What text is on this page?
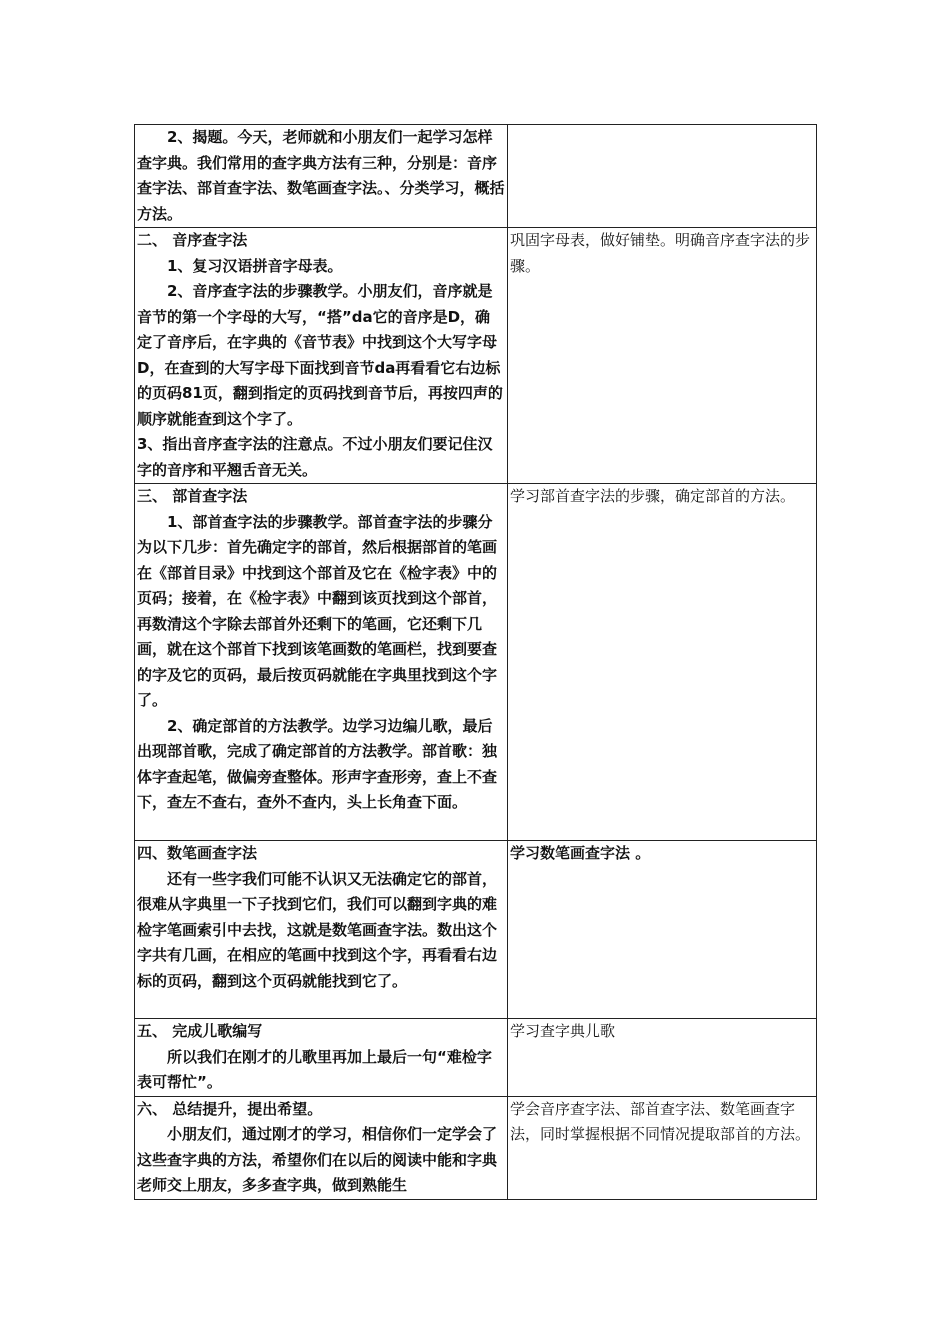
2、揭题。今天，老师就和小朋友们一起学习怎样查字典。我们常用的查字典方法有三种，分别是：音序查字法、部首查字法、数笔画查字法。、分类学习，概括方法。	

二、 音序查字法

1、复习汉语拼音字母表。

2、音序查字法的步骤教学。小朋友们，音序就是音节的第一个字母的大写，“搭”da它的音序是D，确定了音序后，在字典的《音节表》中找到这个大写字母D，在查到的大写字母下面找到音节da再看看它右边标的页码81页，翻到指定的页码找到音节后，再按四声的顺序就能查到这个字了。

3、指出音序查字法的注意点。不过小朋友们要记住汉字的音序和平翘舌音无关。	巩固字母表，做好铺垫。明确音序查字法的步骤。

三、 部首查字法

1、部首查字法的步骤教学。部首查字法的步骤分为以下几步：首先确定字的部首，然后根据部首的笔画在《部首目录》中找到这个部首及它在《检字表》中的页码；接着，在《检字表》中翻到该页找到这个部首，再数清这个字除去部首外还剩下的笔画，它还剩下几画，就在这个部首下找到该笔画数的笔画栏，找到要查的字及它的页码，最后按页码就能在字典里找到这个字了。

2、确定部首的方法教学。边学习边编儿歌，最后出现部首歌，完成了确定部首的方法教学。部首歌：独体字查起笔，做偏旁查整体。形声字查形旁，查上不查下，查左不查右，查外不查内，头上长角查下面。	学习部首查字法的步骤，确定部首的方法。

四、数笔画查字法

还有一些字我们可能不认识又无法确定它的部首，很难从字典里一下子找到它们，我们可以翻到字典的难检字笔画索引中去找，这就是数笔画查字法。数出这个字共有几画，在相应的笔画中找到这个字，再看看右边标的页码，翻到这个页码就能找到它了。	学习数笔画查字法 。

五、 完成儿歌编写

所以我们在刚才的儿歌里再加上最后一句“难检字表可帮忙”。	学习查字典儿歌

六、 总结提升，提出希望。

小朋友们，通过刚才的学习，相信你们一定学会了这些查字典的方法，希望你们在以后的阅读中能和字典老师交上朋友，多多查字典，做到熟能生	学会音序查字法、部首查字法、数笔画查字法，同时掌握根据不同情况提取部首的方法。
